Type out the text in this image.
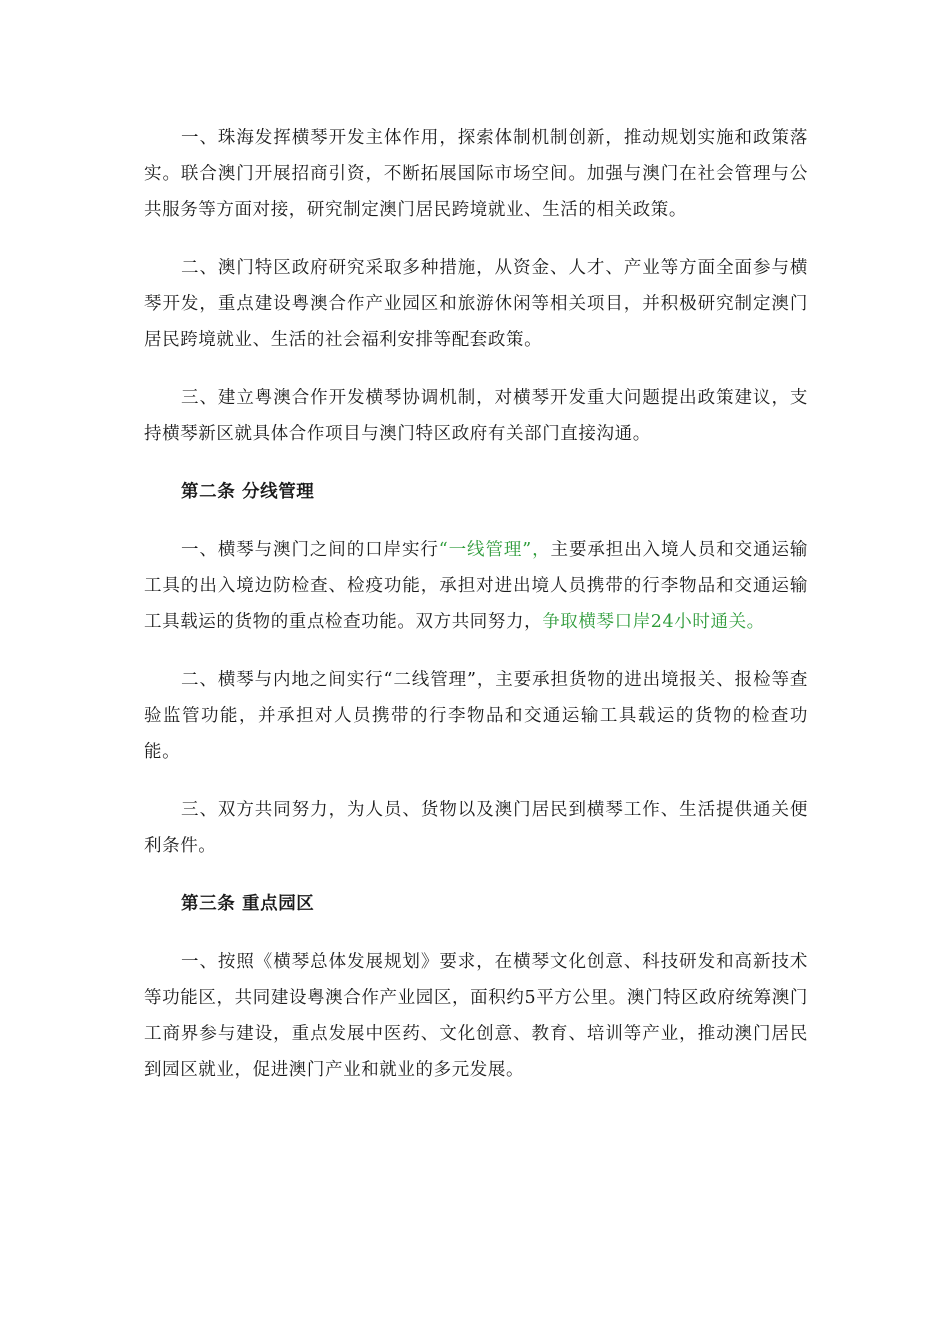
一、珠海发挥横琴开发主体作用，探索体制机制创新，推动规划实施和政策落实。联合澳门开展招商引资，不断拓展国际市场空间。加强与澳门在社会管理与公共服务等方面对接，研究制定澳门居民跨境就业、生活的相关政策。

二、澳门特区政府研究采取多种措施，从资金、人才、产业等方面全面参与横琴开发，重点建设粤澳合作产业园区和旅游休闲等相关项目，并积极研究制定澳门居民跨境就业、生活的社会福利安排等配套政策。

三、建立粤澳合作开发横琴协调机制，对横琴开发重大问题提出政策建议，支持横琴新区就具体合作项目与澳门特区政府有关部门直接沟通。

第二条 分线管理

一、横琴与澳门之间的口岸实行“一线管理”，主要承担出入境人员和交通运输工具的出入境边防检查、检疫功能，承担对进出境人员携带的行李物品和交通运输工具载运的货物的重点检查功能。双方共同努力，争取横琴口岸24小时通关。

二、横琴与内地之间实行“二线管理”，主要承担货物的进出境报关、报检等查验监管功能，并承担对人员携带的行李物品和交通运输工具载运的货物的检查功能。

三、双方共同努力，为人员、货物以及澳门居民到横琴工作、生活提供通关便利条件。

第三条 重点园区

一、按照《横琴总体发展规划》要求，在横琴文化创意、科技研发和高新技术等功能区，共同建设粤澳合作产业园区，面积约5平方公里。澳门特区政府统筹澳门工商界参与建设，重点发展中医药、文化创意、教育、培训等产业，推动澳门居民到园区就业，促进澳门产业和就业的多元发展。
